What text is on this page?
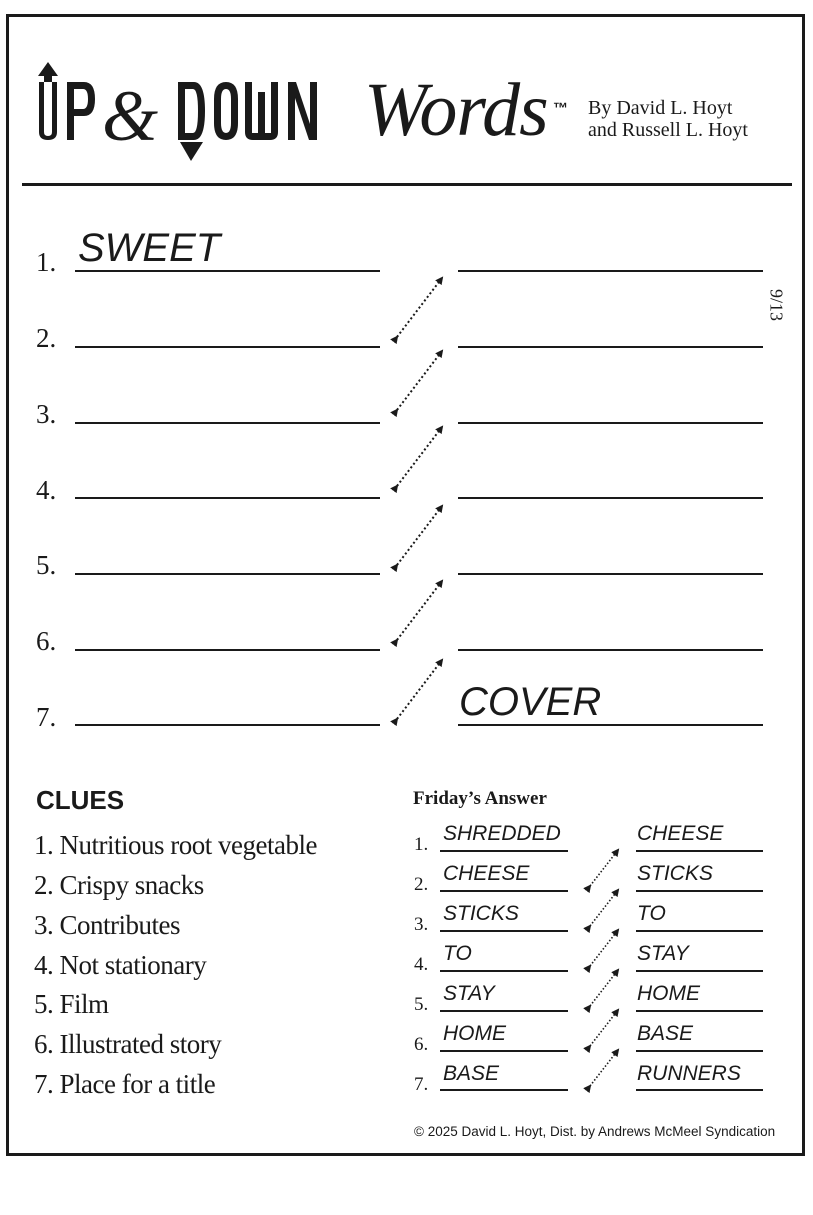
&	Words ™ By David L. Hoyt
and Russell L. Hoyt
9/13
1.
2.
3.
4.
5.
6.
7.
SWEET
COVER
CLUES
1. Nutritious root vegetable
2. Crispy snacks
3. Contributes
4. Not stationary
5. Film
6. Illustrated story
7. Place for a title
Friday’s Answer
1.
2.
3.
4.
5.
6.
7.
SHREDDED
CHEESE
STICKS
TO
STAY
HOME
BASE
CHEESE
STICKS
TO
STAY
HOME
BASE
RUNNERS
© 2025 David L. Hoyt, Dist. by Andrews McMeel Syndication
